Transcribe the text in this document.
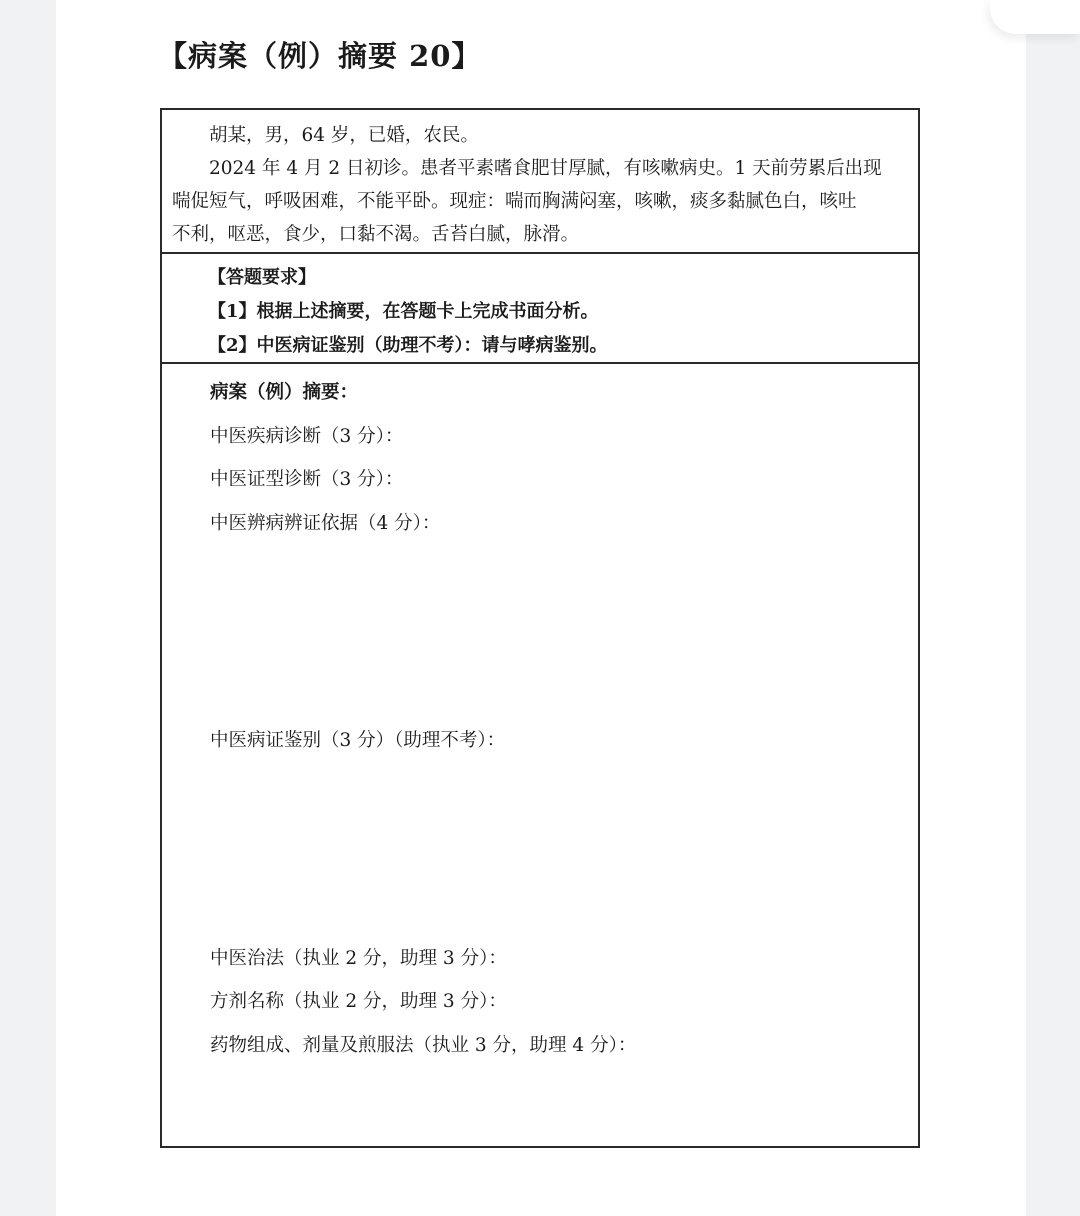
【病案（例）摘要 20】

胡某，男，64 岁，已婚，农民。

2024 年 4 月 2 日初诊。患者平素嗜食肥甘厚腻，有咳嗽病史。1 天前劳累后出现

喘促短气，呼吸困难，不能平卧。现症：喘而胸满闷塞，咳嗽，痰多黏腻色白，咳吐

不利，呕恶，食少，口黏不渴。舌苔白腻，脉滑。

【答题要求】

【1】根据上述摘要，在答题卡上完成书面分析。

【2】中医病证鉴别（助理不考）：请与哮病鉴别。

病案（例）摘要：

中医疾病诊断（3 分）：

中医证型诊断（3 分）：

中医辨病辨证依据（4 分）：

中医病证鉴别（3 分）（助理不考）：

中医治法（执业 2 分，助理 3 分）：

方剂名称（执业 2 分，助理 3 分）：

药物组成、剂量及煎服法（执业 3 分，助理 4 分）：
